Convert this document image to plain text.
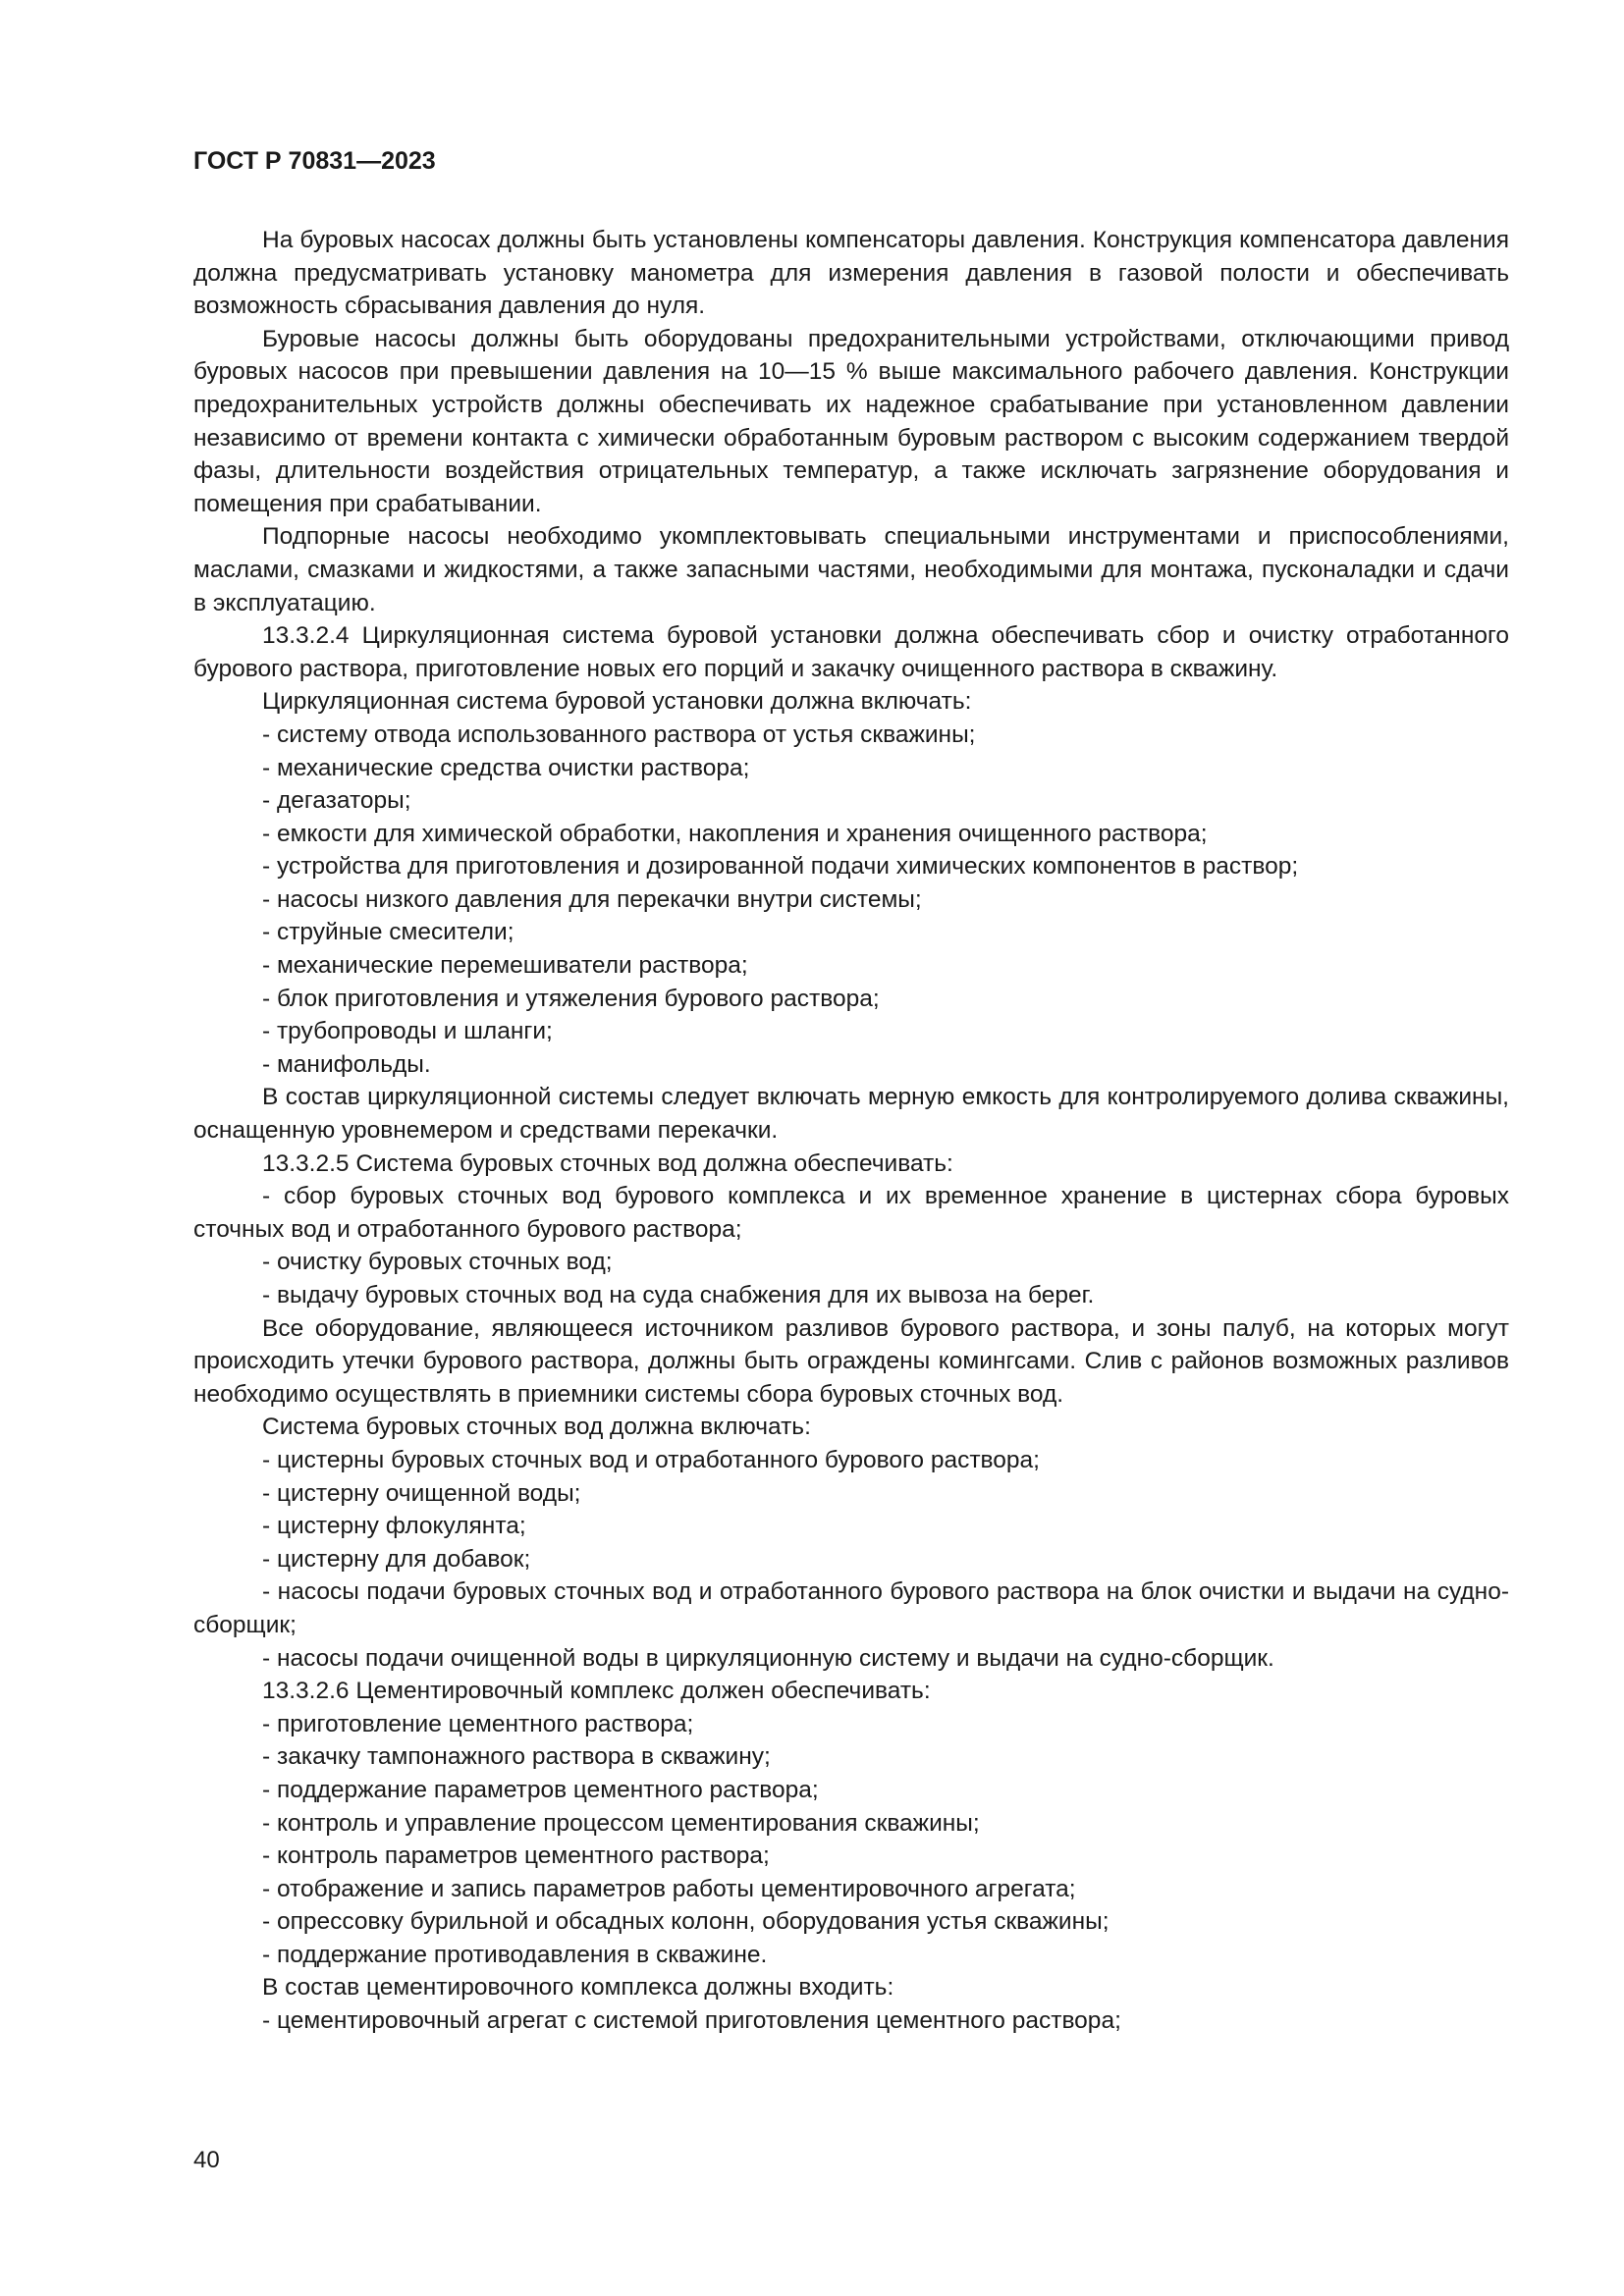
ГОСТ Р 70831—2023

На буровых насосах должны быть установлены компенсаторы давления. Конструкция компенсатора давления должна предусматривать установку манометра для измерения давления в газовой полости и обеспечивать возможность сбрасывания давления до нуля.

Буровые насосы должны быть оборудованы предохранительными устройствами, отключающими привод буровых насосов при превышении давления на 10—15 % выше максимального рабочего давления. Конструкции предохранительных устройств должны обеспечивать их надежное срабатывание при установленном давлении независимо от времени контакта с химически обработанным буровым раствором с высоким содержанием твердой фазы, длительности воздействия отрицательных температур, а также исключать загрязнение оборудования и помещения при срабатывании.

Подпорные насосы необходимо укомплектовывать специальными инструментами и приспособлениями, маслами, смазками и жидкостями, а также запасными частями, необходимыми для монтажа, пусконаладки и сдачи в эксплуатацию.

13.3.2.4 Циркуляционная система буровой установки должна обеспечивать сбор и очистку отработанного бурового раствора, приготовление новых его порций и закачку очищенного раствора в скважину.

Циркуляционная система буровой установки должна включать:

- систему отвода использованного раствора от устья скважины;

- механические средства очистки раствора;

- дегазаторы;

- емкости для химической обработки, накопления и хранения очищенного раствора;

- устройства для приготовления и дозированной подачи химических компонентов в раствор;

- насосы низкого давления для перекачки внутри системы;

- струйные смесители;

- механические перемешиватели раствора;

- блок приготовления и утяжеления бурового раствора;

- трубопроводы и шланги;

- манифольды.

В состав циркуляционной системы следует включать мерную емкость для контролируемого долива скважины, оснащенную уровнемером и средствами перекачки.

13.3.2.5 Система буровых сточных вод должна обеспечивать:

- сбор буровых сточных вод бурового комплекса и их временное хранение в цистернах сбора буровых сточных вод и отработанного бурового раствора;

- очистку буровых сточных вод;

- выдачу буровых сточных вод на суда снабжения для их вывоза на берег.

Все оборудование, являющееся источником разливов бурового раствора, и зоны палуб, на которых могут происходить утечки бурового раствора, должны быть ограждены комингсами. Слив с районов возможных разливов необходимо осуществлять в приемники системы сбора буровых сточных вод.

Система буровых сточных вод должна включать:

- цистерны буровых сточных вод и отработанного бурового раствора;

- цистерну очищенной воды;

- цистерну флокулянта;

- цистерну для добавок;

- насосы подачи буровых сточных вод и отработанного бурового раствора на блок очистки и выдачи на судно-сборщик;

- насосы подачи очищенной воды в циркуляционную систему и выдачи на судно-сборщик.

13.3.2.6 Цементировочный комплекс должен обеспечивать:

- приготовление цементного раствора;

- закачку тампонажного раствора в скважину;

- поддержание параметров цементного раствора;

- контроль и управление процессом цементирования скважины;

- контроль параметров цементного раствора;

- отображение и запись параметров работы цементировочного агрегата;

- опрессовку бурильной и обсадных колонн, оборудования устья скважины;

- поддержание противодавления в скважине.

В состав цементировочного комплекса должны входить:

- цементировочный агрегат с системой приготовления цементного раствора;

40
